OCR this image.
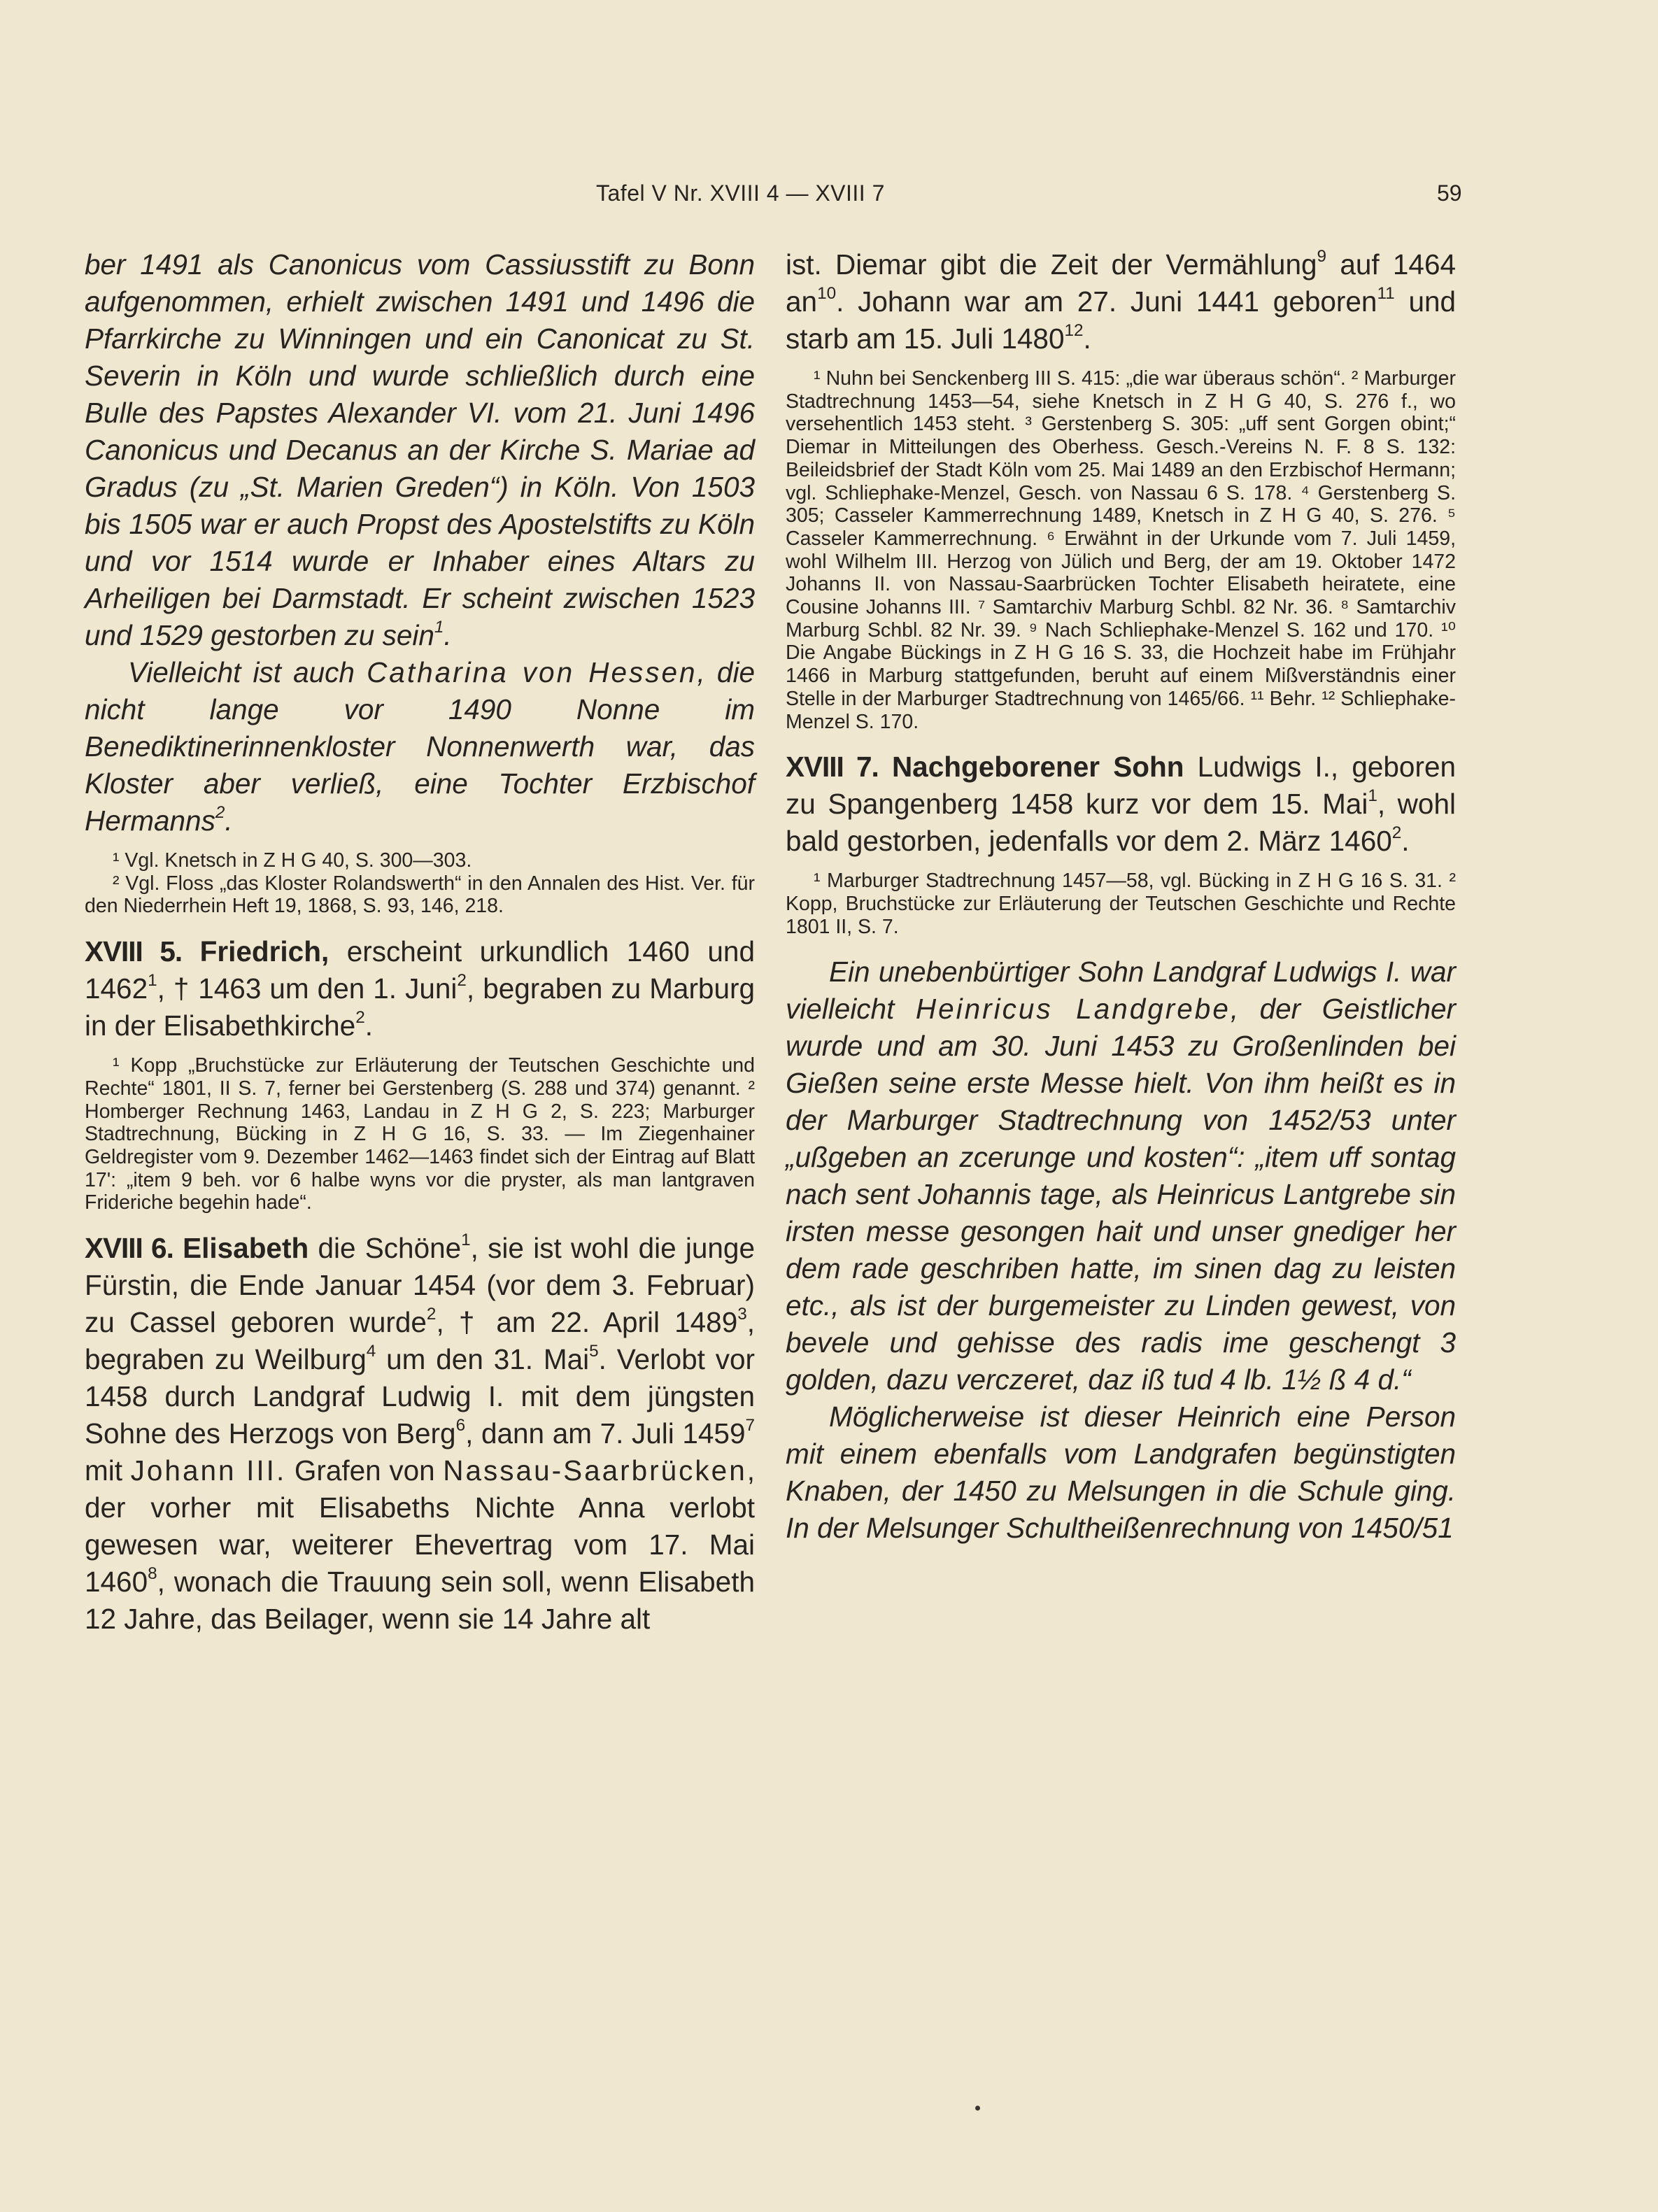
Tafel V Nr. XVIII 4 — XVIII 7	59

ber 1491 als Canonicus vom Cassiusstift zu Bonn aufgenommen, erhielt zwischen 1491 und 1496 die Pfarrkirche zu Winningen und ein Canonicat zu St. Severin in Köln und wurde schließlich durch eine Bulle des Papstes Alexander VI. vom 21. Juni 1496 Canonicus und Decanus an der Kirche S. Mariae ad Gradus (zu „St. Marien Greden“) in Köln. Von 1503 bis 1505 war er auch Propst des Apostelstifts zu Köln und vor 1514 wurde er Inhaber eines Altars zu Arheiligen bei Darmstadt. Er scheint zwischen 1523 und 1529 gestorben zu sein$^1$.

Vielleicht ist auch Catharina von Hessen, die nicht lange vor 1490 Nonne im Benediktinerinnenkloster Nonnenwerth war, das Kloster aber verließ, eine Tochter Erzbischof Hermanns$^2$.

¹ Vgl. Knetsch in Z H G 40, S. 300—303.

² Vgl. Floss „das Kloster Rolandswerth“ in den Annalen des Hist. Ver. für den Niederrhein Heft 19, 1868, S. 93, 146, 218.

XVIII 5. Friedrich, erscheint urkundlich 1460 und 1462$^1$, † 1463 um den 1. Juni$^2$, begraben zu Marburg in der Elisabethkirche$^2$.

¹ Kopp „Bruchstücke zur Erläuterung der Teutschen Geschichte und Rechte“ 1801, II S. 7, ferner bei Gerstenberg (S. 288 und 374) genannt. ² Homberger Rechnung 1463, Landau in Z H G 2, S. 223; Marburger Stadtrechnung, Bücking in Z H G 16, S. 33. — Im Ziegenhainer Geldregister vom 9. Dezember 1462—1463 findet sich der Eintrag auf Blatt 17': „item 9 beh. vor 6 halbe wyns vor die pryster, als man lantgraven Frideriche begehin hade“.

XVIII 6. Elisabeth die Schöne$^1$, sie ist wohl die junge Fürstin, die Ende Januar 1454 (vor dem 3. Februar) zu Cassel geboren wurde$^2$, † am 22. April 1489$^3$, begraben zu Weilburg$^4$ um den 31. Mai$^5$. Verlobt vor 1458 durch Landgraf Ludwig I. mit dem jüngsten Sohne des Herzogs von Berg$^6$, dann am 7. Juli 1459$^7$ mit Johann III. Grafen von Nassau-Saarbrücken, der vorher mit Elisabeths Nichte Anna verlobt gewesen war, weiterer Ehevertrag vom 17. Mai 1460$^8$, wonach die Trauung sein soll, wenn Elisabeth 12 Jahre, das Beilager, wenn sie 14 Jahre alt

ist. Diemar gibt die Zeit der Vermählung$^9$ auf 1464 $an^{10}$. Johann war am 27. Juni 1441 geboren$^{11}$ und starb am 15. Juli 1480$^{12}$.

¹ Nuhn bei Senckenberg III S. 415: „die war überaus schön“. ² Marburger Stadtrechnung 1453—54, siehe Knetsch in Z H G 40, S. 276 f., wo versehentlich 1453 steht. ³ Gerstenberg S. 305: „uff sent Gorgen obint;“ Diemar in Mitteilungen des Oberhess. Gesch.-Vereins N. F. 8 S. 132: Beileidsbrief der Stadt Köln vom 25. Mai 1489 an den Erzbischof Hermann; vgl. Schliephake-Menzel, Gesch. von Nassau 6 S. 178. ⁴ Gerstenberg S. 305; Casseler Kammerrechnung 1489, Knetsch in Z H G 40, S. 276. ⁵ Casseler Kammerrechnung. ⁶ Erwähnt in der Urkunde vom 7. Juli 1459, wohl Wilhelm III. Herzog von Jülich und Berg, der am 19. Oktober 1472 Johanns II. von Nassau-Saarbrücken Tochter Elisabeth heiratete, eine Cousine Johanns III. ⁷ Samtarchiv Marburg Schbl. 82 Nr. 36. ⁸ Samtarchiv Marburg Schbl. 82 Nr. 39. ⁹ Nach Schliephake-Menzel S. 162 und 170. ¹⁰ Die Angabe Bückings in Z H G 16 S. 33, die Hochzeit habe im Frühjahr 1466 in Marburg stattgefunden, beruht auf einem Mißverständnis einer Stelle in der Marburger Stadtrechnung von 1465/66. ¹¹ Behr. ¹² Schliephake-Menzel S. 170.

XVIII 7. Nachgeborener Sohn Ludwigs I., geboren zu Spangenberg 1458 kurz vor dem 15. Mai$^1$, wohl bald gestorben, jedenfalls vor dem 2. März 1460$^2$.

¹ Marburger Stadtrechnung 1457—58, vgl. Bücking in Z H G 16 S. 31. ² Kopp, Bruchstücke zur Erläuterung der Teutschen Geschichte und Rechte 1801 II, S. 7.

Ein unebenbürtiger Sohn Landgraf Ludwigs I. war vielleicht Heinricus Landgrebe, der Geistlicher wurde und am 30. Juni 1453 zu Großenlinden bei Gießen seine erste Messe hielt. Von ihm heißt es in der Marburger Stadtrechnung von 1452/53 unter „ußgeben an zcerunge und kosten“: „item uff sontag nach sent Johannis tage, als Heinricus Lantgrebe sin irsten messe gesongen hait und unser gnediger her dem rade geschriben hatte, im sinen dag zu leisten etc., als ist der burgemeister zu Linden gewest, von bevele und gehisse des radis ime geschengt 3 golden, dazu verczeret, daz iß tud 4 lb. 1½ ß 4 d.“

Möglicherweise ist dieser Heinrich eine Person mit einem ebenfalls vom Landgrafen begünstigten Knaben, der 1450 zu Melsungen in die Schule ging. In der Melsunger Schultheißenrechnung von 1450/51
